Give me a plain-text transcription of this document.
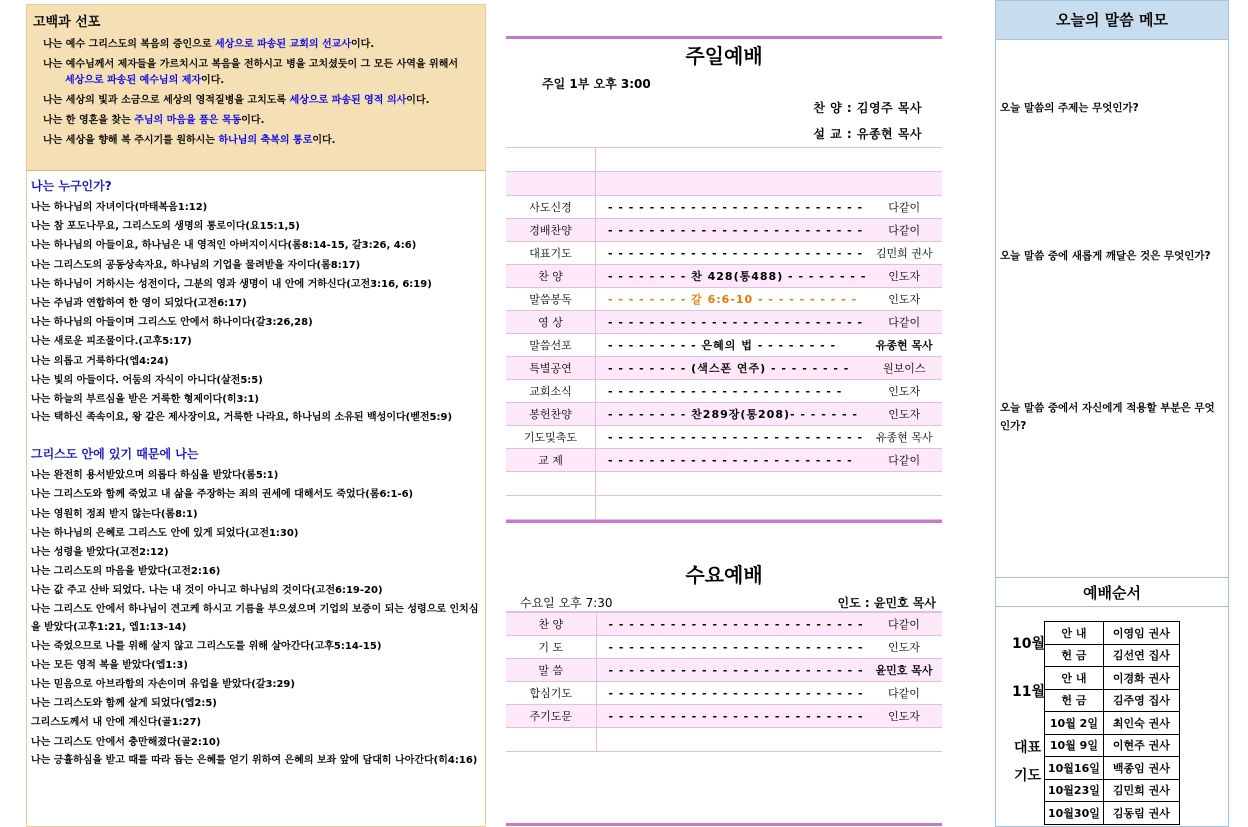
고백과 선포

나는 예수 그리스도의 복음의 증인으로 세상으로 파송된 교회의 선교사이다.

나는 예수님께서 제자들을 가르치시고 복음을 전하시고 병을 고치셨듯이 그 모든 사역을 위해서

세상으로 파송된 예수님의 제자이다.

나는 세상의 빛과 소금으로 세상의 영적질병을 고치도록 세상으로 파송된 영적 의사이다.

나는 한 영혼을 찾는 주님의 마음을 품은 목동이다.

나는 세상을 향해 복 주시기를 원하시는 하나님의 축복의 통로이다.

나는 누구인가?
나는 하나님의 자녀이다(마태복음1:12)
나는 참 포도나무요, 그리스도의 생명의 통로이다(요15:1,5)
나는 하나님의 아들이요, 하나님은 내 영적인 아버지이시다(롬8:14-15, 갈3:26, 4:6)
나는 그리스도의 공동상속자요, 하나님의 기업을 물려받을 자이다(롬8:17)
나는 하나님이 거하시는 성전이다, 그분의 영과 생명이 내 안에 거하신다(고전3:16, 6:19)
나는 주님과 연합하여 한 영이 되었다(고전6:17)
나는 하나님의 아들이며 그리스도 안에서 하나이다(갈3:26,28)
나는 새로운 피조물이다.(고후5:17)
나는 의롭고 거룩하다(엡4:24)
나는 빛의 아들이다. 어둠의 자식이 아니다(살전5:5)
나는 하늘의 부르심을 받은 거룩한 형제이다(히3:1)
나는 택하신 족속이요, 왕 같은 제사장이요, 거룩한 나라요, 하나님의 소유된 백성이다(벧전5:9)
그리스도 안에 있기 때문에 나는
나는 완전히 용서받았으며 의롭다 하심을 받았다(롬5:1)
나는 그리스도와 함께 죽었고 내 삶을 주장하는 죄의 권세에 대해서도 죽었다(롬6:1-6)
나는 영원히 정죄 받지 않는다(롬8:1)
나는 하나님의 은혜로 그리스도 안에 있게 되었다(고전1:30)
나는 성령을 받았다(고전2:12)
나는 그리스도의 마음을 받았다(고전2:16)
나는 값 주고 산바 되었다. 나는 내 것이 아니고 하나님의 것이다(고전6:19-20)
나는 그리스도 안에서 하나님이 견고케 하시고 기름을 부으셨으며 기업의 보증이 되는 성령으로 인치심을 받았다(고후1:21, 엡1:13-14)
나는 죽었으므로 나를 위해 살지 않고 그리스도를 위해 살아간다(고후5:14-15)
나는 모든 영적 복을 받았다(엡1:3)
나는 믿음으로 아브라함의 자손이며 유업을 받았다(갈3:29)
나는 그리스도와 함께 살게 되었다(엡2:5)
그리스도께서 내 안에 계신다(골1:27)
나는 그리스도 안에서 충만해졌다(골2:10)
나는 긍휼하심을 받고 때를 따라 돕는 은혜를 얻기 위하여 은혜의 보좌 앞에 담대히 나아간다(히4:16)
주일예배
주일 1부 오후 3:00
찬 양 : 김영주 목사
설 교 : 유종현 목사

사도신경	- - - - - - - - - - - - - - - - - - - - - - - - -	다같이
경배찬양	- - - - - - - - - - - - - - - - - - - - - - - - -	다같이
대표기도	- - - - - - - - - - - - - - - - - - - - - - - - -	김민희 권사
찬 양	- - - - - - - - 찬 428(통488) - - - - - - - -	인도자
말씀봉독	- - - - - - - - 갈 6:6-10 - - - - - - - - - -	인도자
영 상	- - - - - - - - - - - - - - - - - - - - - - - - -	다같이
말씀선포	- - - - - - - - - 은혜의 법 - - - - - - - -	유종현 목사
특별공연	- - - - - - - - (색스폰 연주) - - - - - - - -	원보이스
교회소식	- - - - - - - - - - - - - - - - - - - - - - -	인도자
봉헌찬양	- - - - - - - - 찬289장(통208)- - - - - - -	인도자
기도및축도	- - - - - - - - - - - - - - - - - - - - - - - - -	유종현 목사
교 제	- - - - - - - - - - - - - - - - - - - - - - - -	다같이

수요예배
수요일 오후 7:30	인도 : 윤민호 목사
찬 양	- - - - - - - - - - - - - - - - - - - - - - - - -	다같이
기 도	- - - - - - - - - - - - - - - - - - - - - - - - -	인도자
말 씀	- - - - - - - - - - - - - - - - - - - - - - - - -	윤민호 목사
합심기도	- - - - - - - - - - - - - - - - - - - - - - - - -	다같이
주기도문	- - - - - - - - - - - - - - - - - - - - - - - - -	인도자

오늘의 말씀 메모
오늘 말씀의 주제는 무엇인가?
오늘 말씀 중에 새롭게 깨달은 것은 무엇인가?
오늘 말씀 중에서 자신에게 적용할 부분은 무엇인가?
예배순서
10월
11월
대표
기도
안 내	이영임 권사
헌 금	김선연 집사
안 내	이경화 권사
헌 금	김주영 집사
10월 2일	최인숙 권사
10월 9일	이현주 권사
10월16일	백종임 권사
10월23일	김민희 권사
10월30일	김동림 권사
